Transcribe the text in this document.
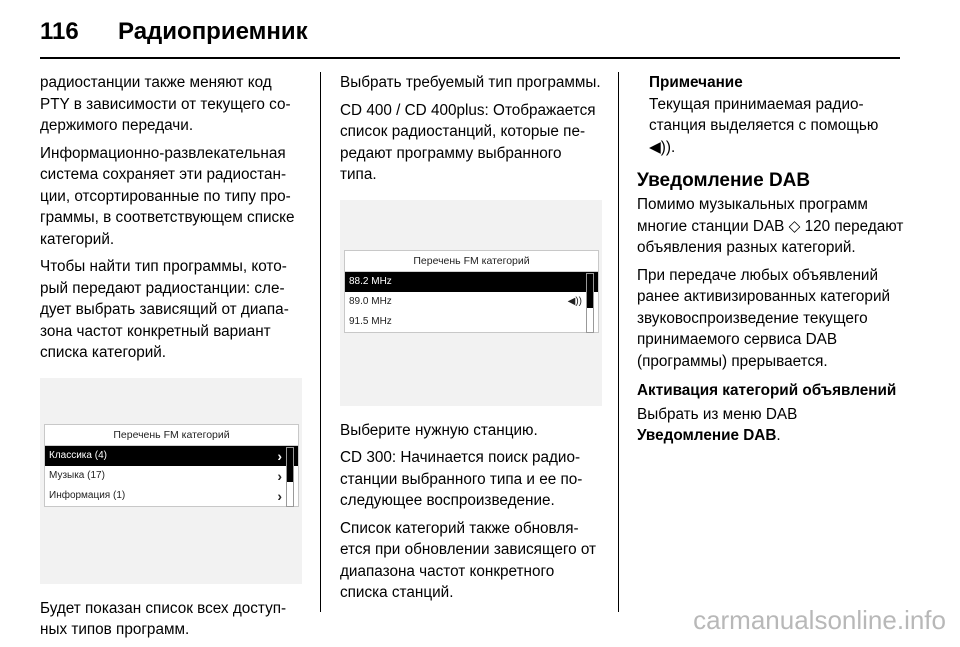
116 Радиоприемник

радиостанции также меняют код PTY в зависимости от текущего содержимого передачи.

Информационно-развлекательная система сохраняет эти радиостанции, отсортированные по типу программы, в соответствующем списке категорий.

Чтобы найти тип программы, который передают радиостанции: следует выбрать зависящий от диапазона частот конкретный вариант списка категорий.

Перечень FM категорий
Классика (4)	›
Музыка (17)	›
Информация (1)	›

Будет показан список всех доступных типов программ.

Выбрать требуемый тип программы.

CD 400 / CD 400plus: Отображается список радиостанций, которые передают программу выбранного типа.

Перечень FM категорий
88.2 MHz
89.0 MHz	◀))
91.5 MHz

Выберите нужную станцию.

CD 300: Начинается поиск радиостанции выбранного типа и ее последующее воспроизведение.

Список категорий также обновляется при обновлении зависящего от диапазона частот конкретного списка станций.

Примечание
Текущая принимаемая радиостанция выделяется с помощью ◀)).

Уведомление DAB

Помимо музыкальных программ многие станции DAB ◇ 120 передают объявления разных категорий.

При передаче любых объявлений ранее активизированных категорий звуковоспроизведение текущего принимаемого сервиса DAB (программы) прерывается.

Активация категорий объявлений

Выбрать из меню DAB
Уведомление DAB.

carmanualsonline.info
